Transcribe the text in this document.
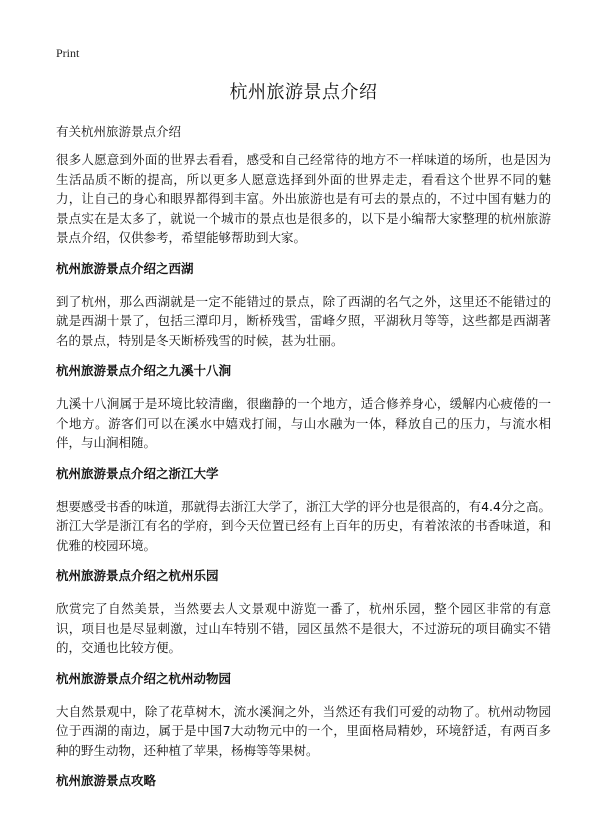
Print
杭州旅游景点介绍

有关杭州旅游景点介绍

很多人愿意到外面的世界去看看，感受和自己经常待的地方不一样味道的场所，也是因为生活品质不断的提高，所以更多人愿意选择到外面的世界走走，看看这个世界不同的魅力，让自己的身心和眼界都得到丰富。外出旅游也是有可去的景点的，不过中国有魅力的景点实在是太多了，就说一个城市的景点也是很多的，以下是小编帮大家整理的杭州旅游景点介绍，仅供参考，希望能够帮助到大家。

杭州旅游景点介绍之西湖

到了杭州，那么西湖就是一定不能错过的景点，除了西湖的名气之外，这里还不能错过的就是西湖十景了，包括三潭印月，断桥残雪，雷峰夕照，平湖秋月等等，这些都是西湖著名的景点，特别是冬天断桥残雪的时候，甚为壮丽。

杭州旅游景点介绍之九溪十八涧

九溪十八涧属于是环境比较清幽，很幽静的一个地方，适合修养身心，缓解内心疲倦的一个地方。游客们可以在溪水中嬉戏打闹，与山水融为一体，释放自己的压力，与流水相伴，与山涧相随。

杭州旅游景点介绍之浙江大学

想要感受书香的味道，那就得去浙江大学了，浙江大学的评分也是很高的，有4.4分之高。浙江大学是浙江有名的学府，到今天位置已经有上百年的历史，有着浓浓的书香味道，和优雅的校园环境。

杭州旅游景点介绍之杭州乐园

欣赏完了自然美景，当然要去人文景观中游览一番了，杭州乐园，整个园区非常的有意识，项目也是尽显刺激，过山车特别不错，园区虽然不是很大，不过游玩的项目确实不错的，交通也比较方便。

杭州旅游景点介绍之杭州动物园

大自然景观中，除了花草树木，流水溪涧之外，当然还有我们可爱的动物了。杭州动物园位于西湖的南边，属于是中国7大动物元中的一个，里面格局精妙，环境舒适，有两百多种的野生动物，还种植了苹果，杨梅等等果树。

杭州旅游景点攻略
